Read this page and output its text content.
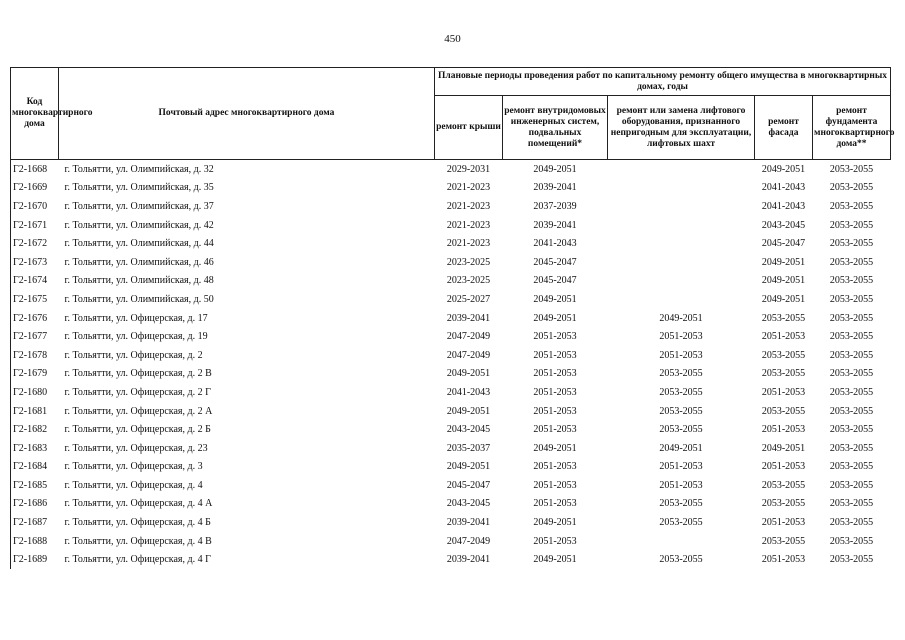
450
Код многоквартирного дома	Почтовый адрес многоквартирного дома	Плановые периоды проведения работ по капитальному ремонту общего имущества в многоквартирных домах, годы				
		ремонт крыши	ремонт внутридомовых инженерных систем, подвальных помещений*	ремонт или замена лифтового оборудования, признанного непригодным для эксплуатации, лифтовых шахт	ремонт фасада	ремонт фундамента многоквартирного дома**
Г2-1668	г. Тольятти, ул. Олимпийская, д. 32	2029-2031	2049-2051		2049-2051	2053-2055
Г2-1669	г. Тольятти, ул. Олимпийская, д. 35	2021-2023	2039-2041		2041-2043	2053-2055
Г2-1670	г. Тольятти, ул. Олимпийская, д. 37	2021-2023	2037-2039		2041-2043	2053-2055
Г2-1671	г. Тольятти, ул. Олимпийская, д. 42	2021-2023	2039-2041		2043-2045	2053-2055
Г2-1672	г. Тольятти, ул. Олимпийская, д. 44	2021-2023	2041-2043		2045-2047	2053-2055
Г2-1673	г. Тольятти, ул. Олимпийская, д. 46	2023-2025	2045-2047		2049-2051	2053-2055
Г2-1674	г. Тольятти, ул. Олимпийская, д. 48	2023-2025	2045-2047		2049-2051	2053-2055
Г2-1675	г. Тольятти, ул. Олимпийская, д. 50	2025-2027	2049-2051		2049-2051	2053-2055
Г2-1676	г. Тольятти, ул. Офицерская, д. 17	2039-2041	2049-2051	2049-2051	2053-2055	2053-2055
Г2-1677	г. Тольятти, ул. Офицерская, д. 19	2047-2049	2051-2053	2051-2053	2051-2053	2053-2055
Г2-1678	г. Тольятти, ул. Офицерская, д. 2	2047-2049	2051-2053	2051-2053	2053-2055	2053-2055
Г2-1679	г. Тольятти, ул. Офицерская, д. 2 В	2049-2051	2051-2053	2053-2055	2053-2055	2053-2055
Г2-1680	г. Тольятти, ул. Офицерская, д. 2 Г	2041-2043	2051-2053	2053-2055	2051-2053	2053-2055
Г2-1681	г. Тольятти, ул. Офицерская, д. 2 А	2049-2051	2051-2053	2053-2055	2053-2055	2053-2055
Г2-1682	г. Тольятти, ул. Офицерская, д. 2 Б	2043-2045	2051-2053	2053-2055	2051-2053	2053-2055
Г2-1683	г. Тольятти, ул. Офицерская, д. 23	2035-2037	2049-2051	2049-2051	2049-2051	2053-2055
Г2-1684	г. Тольятти, ул. Офицерская, д. 3	2049-2051	2051-2053	2051-2053	2051-2053	2053-2055
Г2-1685	г. Тольятти, ул. Офицерская, д. 4	2045-2047	2051-2053	2051-2053	2053-2055	2053-2055
Г2-1686	г. Тольятти, ул. Офицерская, д. 4 А	2043-2045	2051-2053	2053-2055	2053-2055	2053-2055
Г2-1687	г. Тольятти, ул. Офицерская, д. 4 Б	2039-2041	2049-2051	2053-2055	2051-2053	2053-2055
Г2-1688	г. Тольятти, ул. Офицерская, д. 4 В	2047-2049	2051-2053		2053-2055	2053-2055
Г2-1689	г. Тольятти, ул. Офицерская, д. 4 Г	2039-2041	2049-2051	2053-2055	2051-2053	2053-2055
